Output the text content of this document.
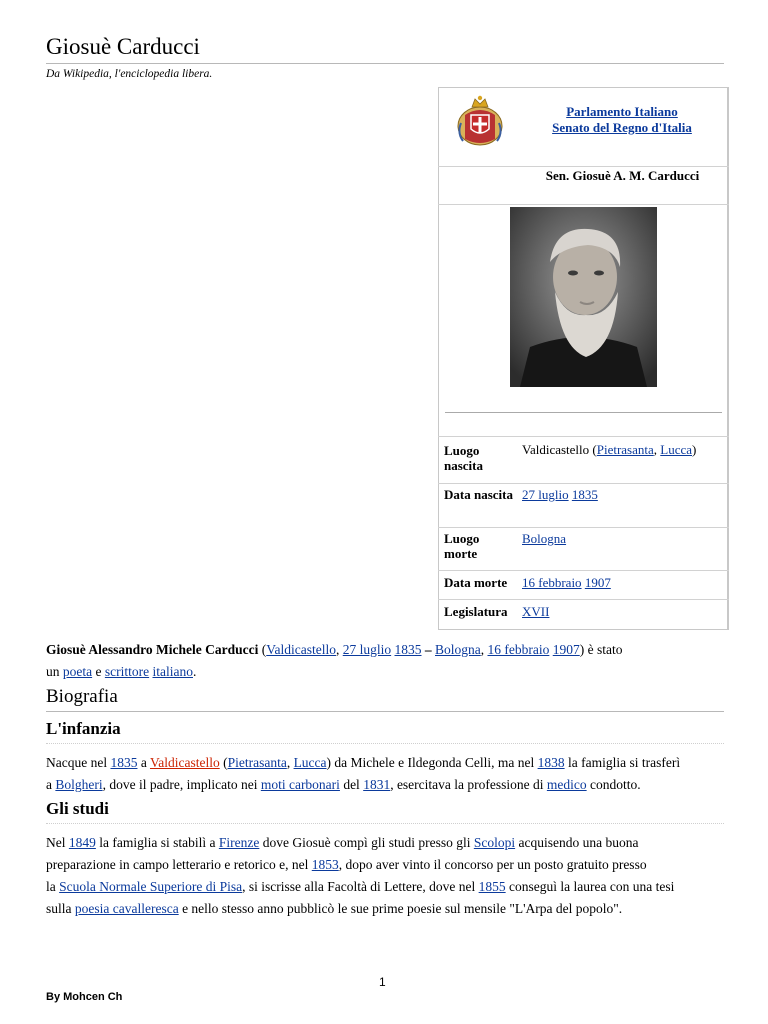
Giosuè Carducci
Da Wikipedia, l'enciclopedia libera.
Parlamento Italiano
Senato del Regno d'Italia
Sen. Giosuè A. M. Carducci
Luogo nascita
Valdicastello (Pietrasanta, Lucca)
Data nascita 27 luglio 1835
Luogo morte
Bologna
Data morte	16 febbraio 1907
Legislatura	XVII
Giosuè Alessandro Michele Carducci (Valdicastello, 27 luglio 1835 – Bologna, 16 febbraio 1907) è stato
un poeta e scrittore italiano.
Biografia
L'infanzia
Nacque nel 1835 a Valdicastello (Pietrasanta, Lucca) da Michele e Ildegonda Celli, ma nel 1838 la famiglia si trasferì
a Bolgheri, dove il padre, implicato nei moti carbonari del 1831, esercitava la professione di medico condotto.
Gli studi
Nel 1849 la famiglia si stabilì a Firenze dove Giosuè compì gli studi presso gli Scolopi acquisendo una buona
preparazione in campo letterario e retorico e, nel 1853, dopo aver vinto il concorso per un posto gratuito presso
la Scuola Normale Superiore di Pisa, si iscrisse alla Facoltà di Lettere, dove nel 1855 conseguì la laurea con una tesi
sulla poesia cavalleresca e nello stesso anno pubblicò le sue prime poesie sul mensile "L'Arpa del popolo".
1
By Mohcen Ch
